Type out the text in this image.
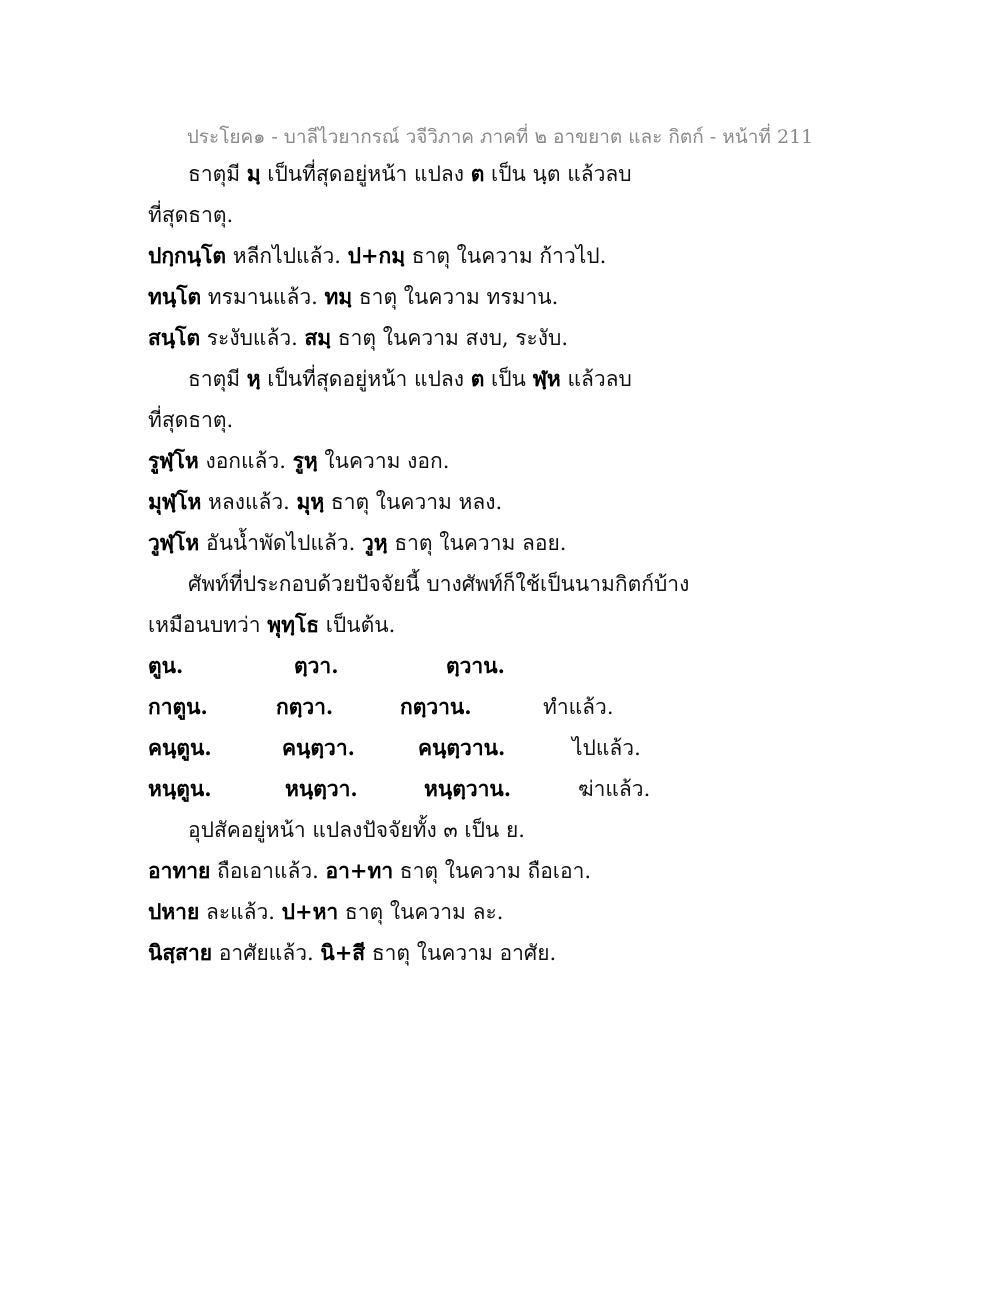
ประโยค๑ - บาลีไวยากรณ์ วจีวิภาค ภาคที่ ๒ อาขยาต และ กิตก์ - หน้าที่ 211
ธาตุมี มฺ เป็นที่สุดอยู่หน้า แปลง ต เป็น นฺต แล้วลบ
ที่สุดธาตุ.
ปกฺกนฺโต หลีกไปแล้ว. ป+กมฺ ธาตุ ในความ ก้าวไป.
ทนฺโต ทรมานแล้ว. ทมฺ ธาตุ ในความ ทรมาน.
สนฺโต ระงับแล้ว. สมฺ ธาตุ ในความ สงบ, ระงับ.
ธาตุมี หฺ เป็นที่สุดอยู่หน้า แปลง ต เป็น ฬฺห แล้วลบ
ที่สุดธาตุ.
รูฬฺโห งอกแล้ว. รูหฺ ในความ งอก.
มุฬฺโห หลงแล้ว. มุหฺ ธาตุ ในความ หลง.
วูฬฺโห อันน้ำพัดไปแล้ว. วูหฺ ธาตุ ในความ ลอย.
ศัพท์ที่ประกอบด้วยปัจจัยนี้ บางศัพท์ก็ใช้เป็นนามกิตก์บ้าง
เหมือนบทว่า พุทฺโธ เป็นต้น.
ตูน.	ตฺวา.	ตฺวาน.
กาตูน.	กตฺวา.	กตฺวาน.	ทำแล้ว.
คนฺตูน.	คนฺตฺวา.	คนฺตฺวาน.	ไปแล้ว.
หนฺตูน.	หนฺตฺวา.	หนฺตฺวาน.	ฆ่าแล้ว.
อุปสัคอยู่หน้า แปลงปัจจัยทั้ง ๓ เป็น ย.
อาทาย ถือเอาแล้ว. อา+ทา ธาตุ ในความ ถือเอา.
ปหาย ละแล้ว. ป+หา ธาตุ ในความ ละ.
นิสฺสาย อาศัยแล้ว. นิ+สี ธาตุ ในความ อาศัย.
